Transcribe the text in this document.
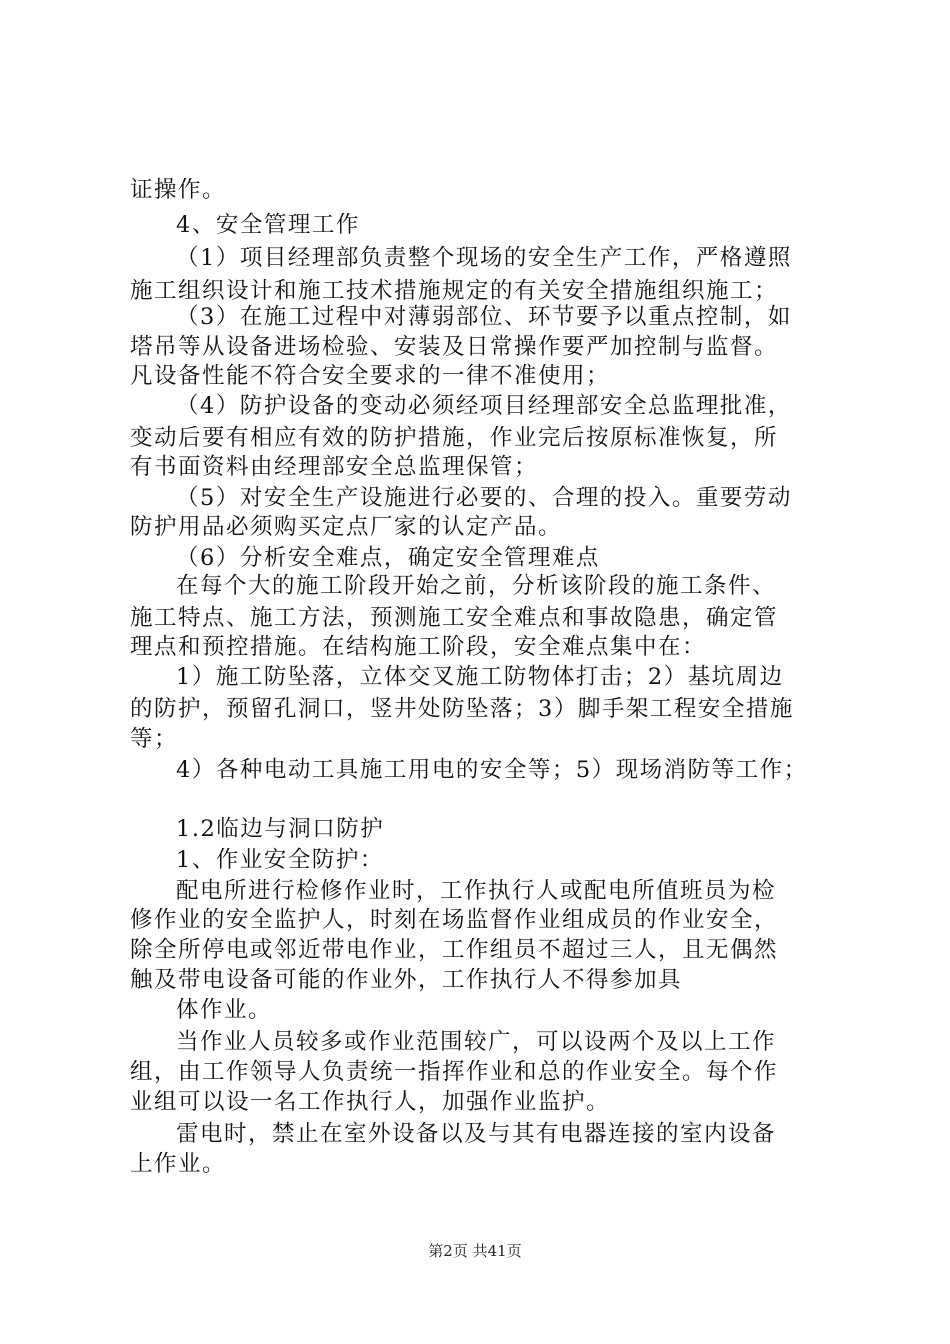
证操作。
4、安全管理工作
（1）项目经理部负责整个现场的安全生产工作，严格遵照
施工组织设计和施工技术措施规定的有关安全措施组织施工；
（3）在施工过程中对薄弱部位、环节要予以重点控制，如
塔吊等从设备进场检验、安装及日常操作要严加控制与监督。
凡设备性能不符合安全要求的一律不准使用；
（4）防护设备的变动必须经项目经理部安全总监理批准，
变动后要有相应有效的防护措施，作业完后按原标准恢复，所
有书面资料由经理部安全总监理保管；
（5）对安全生产设施进行必要的、合理的投入。重要劳动
防护用品必须购买定点厂家的认定产品。
（6）分析安全难点，确定安全管理难点
在每个大的施工阶段开始之前，分析该阶段的施工条件、
施工特点、施工方法，预测施工安全难点和事故隐患，确定管
理点和预控措施。在结构施工阶段，安全难点集中在：
1）施工防坠落，立体交叉施工防物体打击；2）基坑周边
的防护，预留孔洞口，竖井处防坠落；3）脚手架工程安全措施
等；
4）各种电动工具施工用电的安全等；5）现场消防等工作；
1.2临边与洞口防护
1、作业安全防护：
配电所进行检修作业时，工作执行人或配电所值班员为检
修作业的安全监护人，时刻在场监督作业组成员的作业安全，
除全所停电或邻近带电作业，工作组员不超过三人，且无偶然
触及带电设备可能的作业外，工作执行人不得参加具
体作业。
当作业人员较多或作业范围较广，可以设两个及以上工作
组，由工作领导人负责统一指挥作业和总的作业安全。每个作
业组可以设一名工作执行人，加强作业监护。
雷电时，禁止在室外设备以及与其有电器连接的室内设备
上作业。
第2页 共41页
